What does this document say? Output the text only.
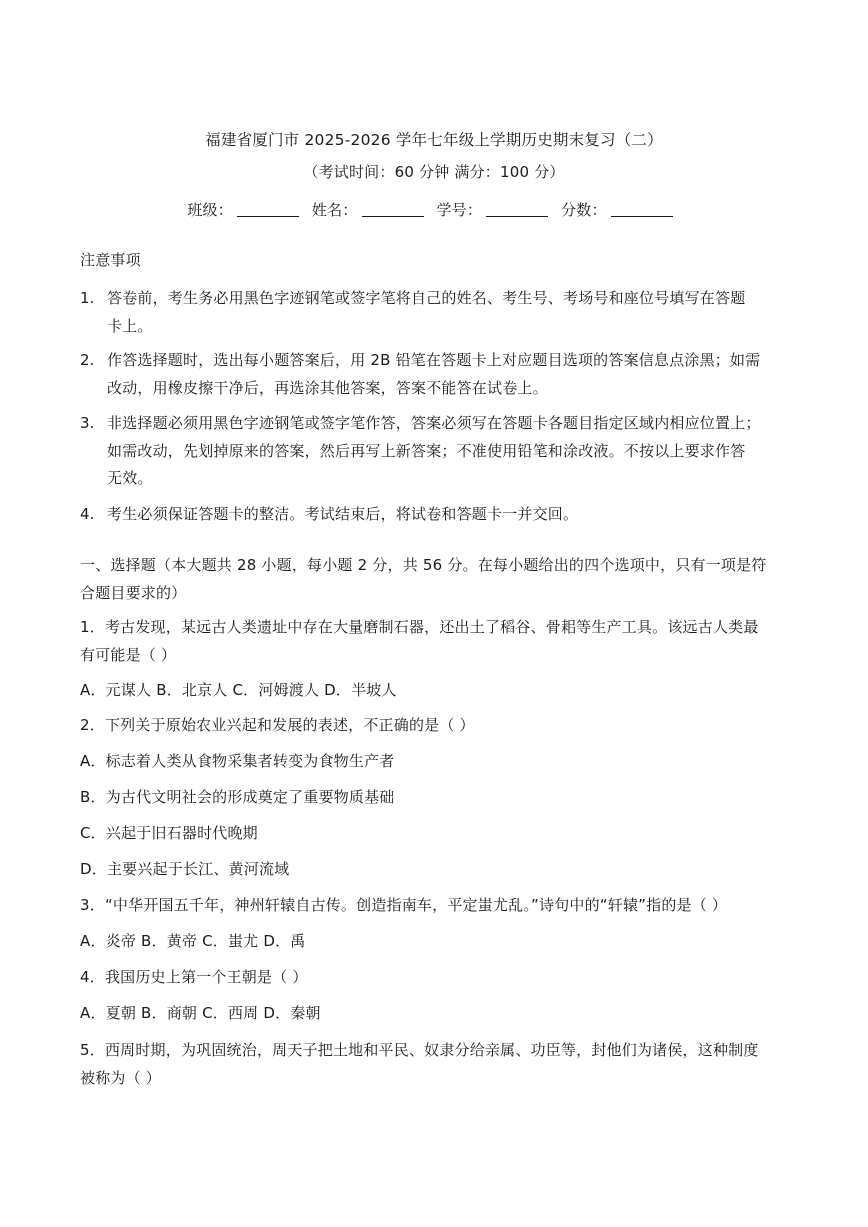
福建省厦门市 2025-2026 学年七年级上学期历史期末复习（二）
（考试时间：60 分钟 满分：100 分）
班级：	姓名：	学号：	分数：
注意事项
1. 答卷前，考生务必用黑色字迹钢笔或签字笔将自己的姓名、考生号、考场号和座位号填写在答题
卡上。
2. 作答选择题时，选出每小题答案后，用 2B 铅笔在答题卡上对应题目选项的答案信息点涂黑；如需
改动，用橡皮擦干净后，再选涂其他答案，答案不能答在试卷上。
3. 非选择题必须用黑色字迹钢笔或签字笔作答，答案必须写在答题卡各题目指定区域内相应位置上；
如需改动，先划掉原来的答案，然后再写上新答案；不准使用铅笔和涂改液。不按以上要求作答
无效。
4. 考生必须保证答题卡的整洁。考试结束后，将试卷和答题卡一并交回。
一、选择题（本大题共 28 小题，每小题 2 分，共 56 分。在每小题给出的四个选项中，只有一项是符
合题目要求的）
1．考古发现，某远古人类遗址中存在大量磨制石器，还出土了稻谷、骨耜等生产工具。该远古人类最
有可能是（ ）
A．元谋人 B．北京人 C．河姆渡人 D．半坡人
2．下列关于原始农业兴起和发展的表述，不正确的是（ ）
A．标志着人类从食物采集者转变为食物生产者
B．为古代文明社会的形成奠定了重要物质基础
C．兴起于旧石器时代晚期
D．主要兴起于长江、黄河流域
3．“中华开国五千年，神州轩辕自古传。创造指南车，平定蚩尤乱。”诗句中的“轩辕”指的是（ ）
A．炎帝 B．黄帝 C．蚩尤 D．禹
4．我国历史上第一个王朝是（ ）
A．夏朝 B．商朝 C．西周 D．秦朝
5．西周时期，为巩固统治，周天子把土地和平民、奴隶分给亲属、功臣等，封他们为诸侯，这种制度
被称为（ ）
